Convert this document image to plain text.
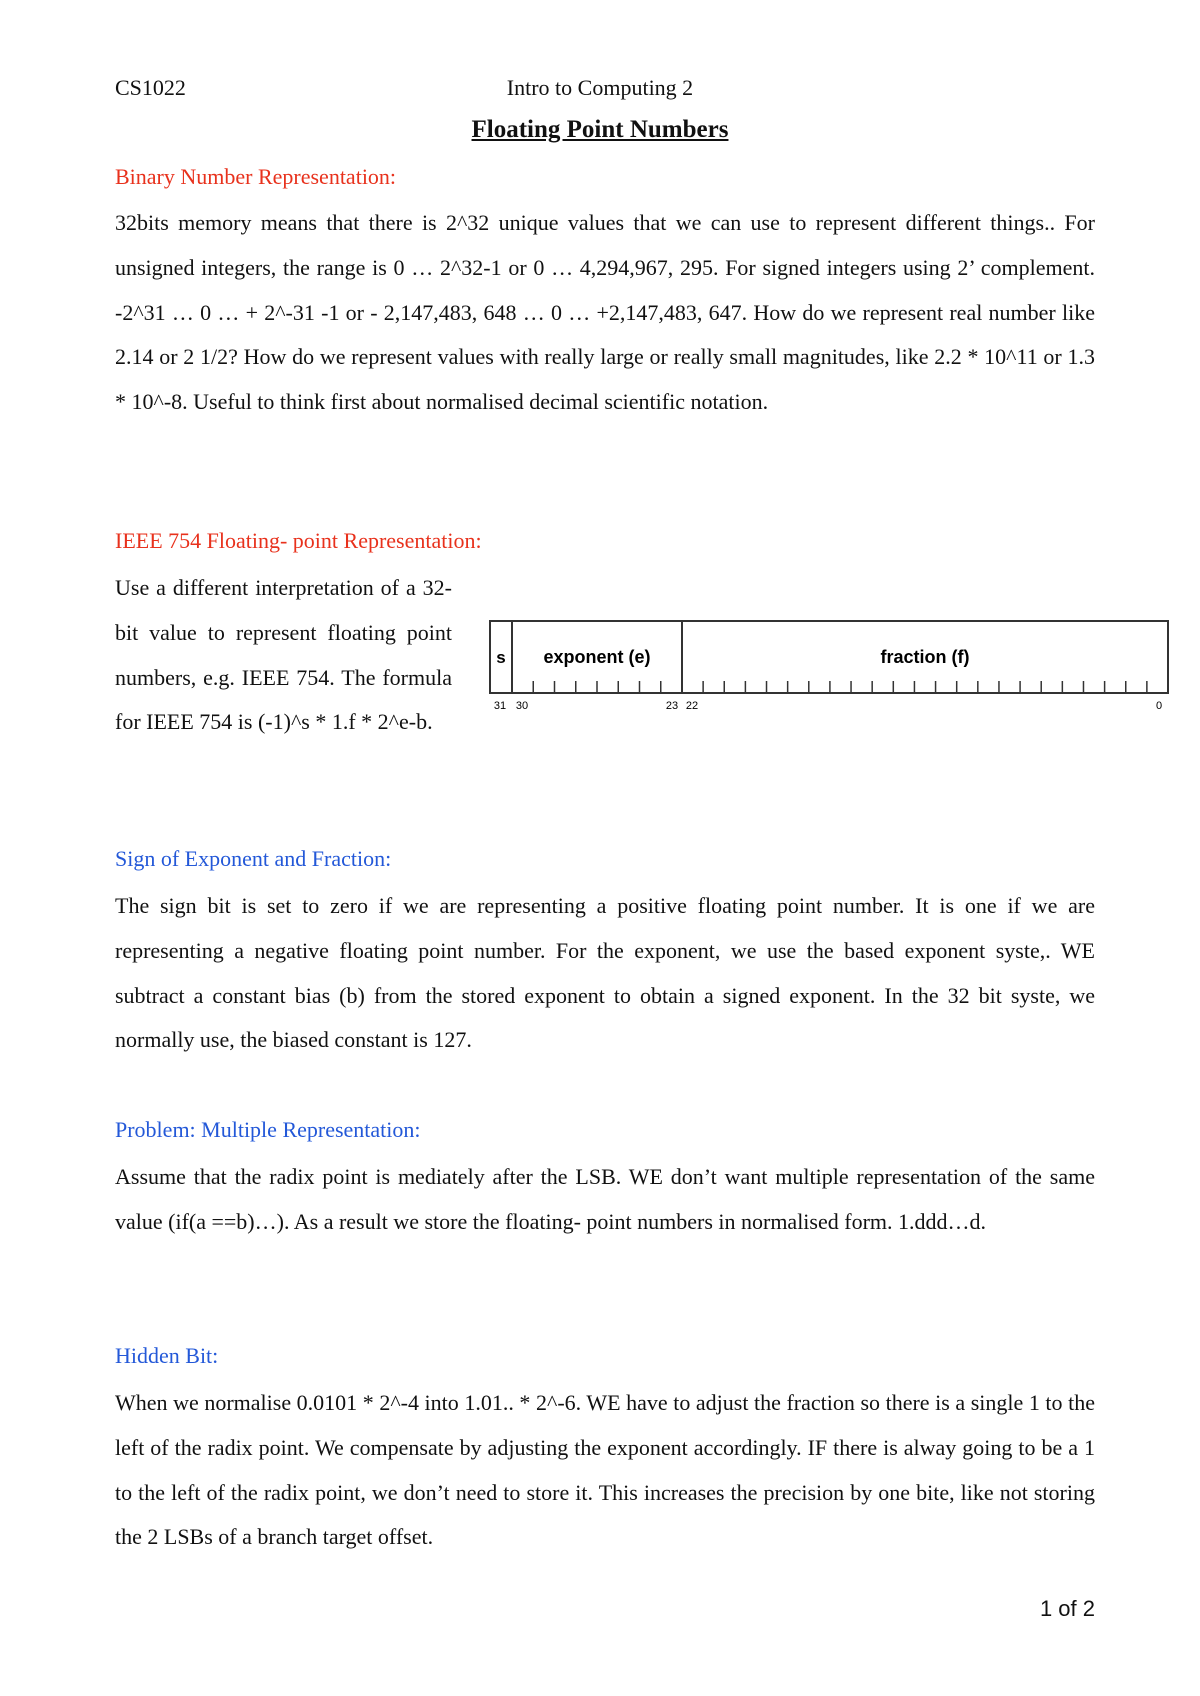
CS1022	Intro to Computing 2
Floating Point Numbers
Binary Number Representation:

32bits memory means that there is 2^32 unique values that we can use to represent different things.. For unsigned integers, the range is 0 … 2^32-1 or 0 … 4,294,967, 295. For signed integers using 2’ complement. -2^31 … 0 … + 2^-31 -1 or - 2,147,483, 648 … 0 … +2,147,483, 647. How do we represent real number like 2.14 or 2 1/2? How do we represent values with really large or really small magnitudes, like 2.2 * 10^11 or 1.3 * 10^-8. Useful to think first about normalised decimal scientific notation.

IEEE 754 Floating- point Representation:

Use a different interpretation of a 32-bit value to represent floating point numbers, e.g. IEEE 754. The formula for IEEE 754 is (-1)^s * 1.f * 2^e-b.

s exponent (e)	fraction (f)
31 30	23 22	0
Sign of Exponent and Fraction:

The sign bit is set to zero if we are representing a positive floating point number. It is one if we are representing a negative floating point number. For the exponent, we use the based exponent syste,. WE subtract a constant bias (b) from the stored exponent to obtain a signed exponent. In the 32 bit syste, we normally use, the biased constant is 127.

Problem: Multiple Representation:

Assume that the radix point is mediately after the LSB. WE don’t want multiple representation of the same value (if(a ==b)…). As a result we store the floating- point numbers in normalised form. 1.ddd…d.

Hidden Bit:

When we normalise 0.0101 * 2^-4 into 1.01.. * 2^-6. WE have to adjust the fraction so there is a single 1 to the left of the radix point. We compensate by adjusting the exponent accordingly. IF there is alway going to be a 1 to the left of the radix point, we don’t need to store it. This increases the precision by one bite, like not storing the 2 LSBs of a branch target offset.

1 of 2
